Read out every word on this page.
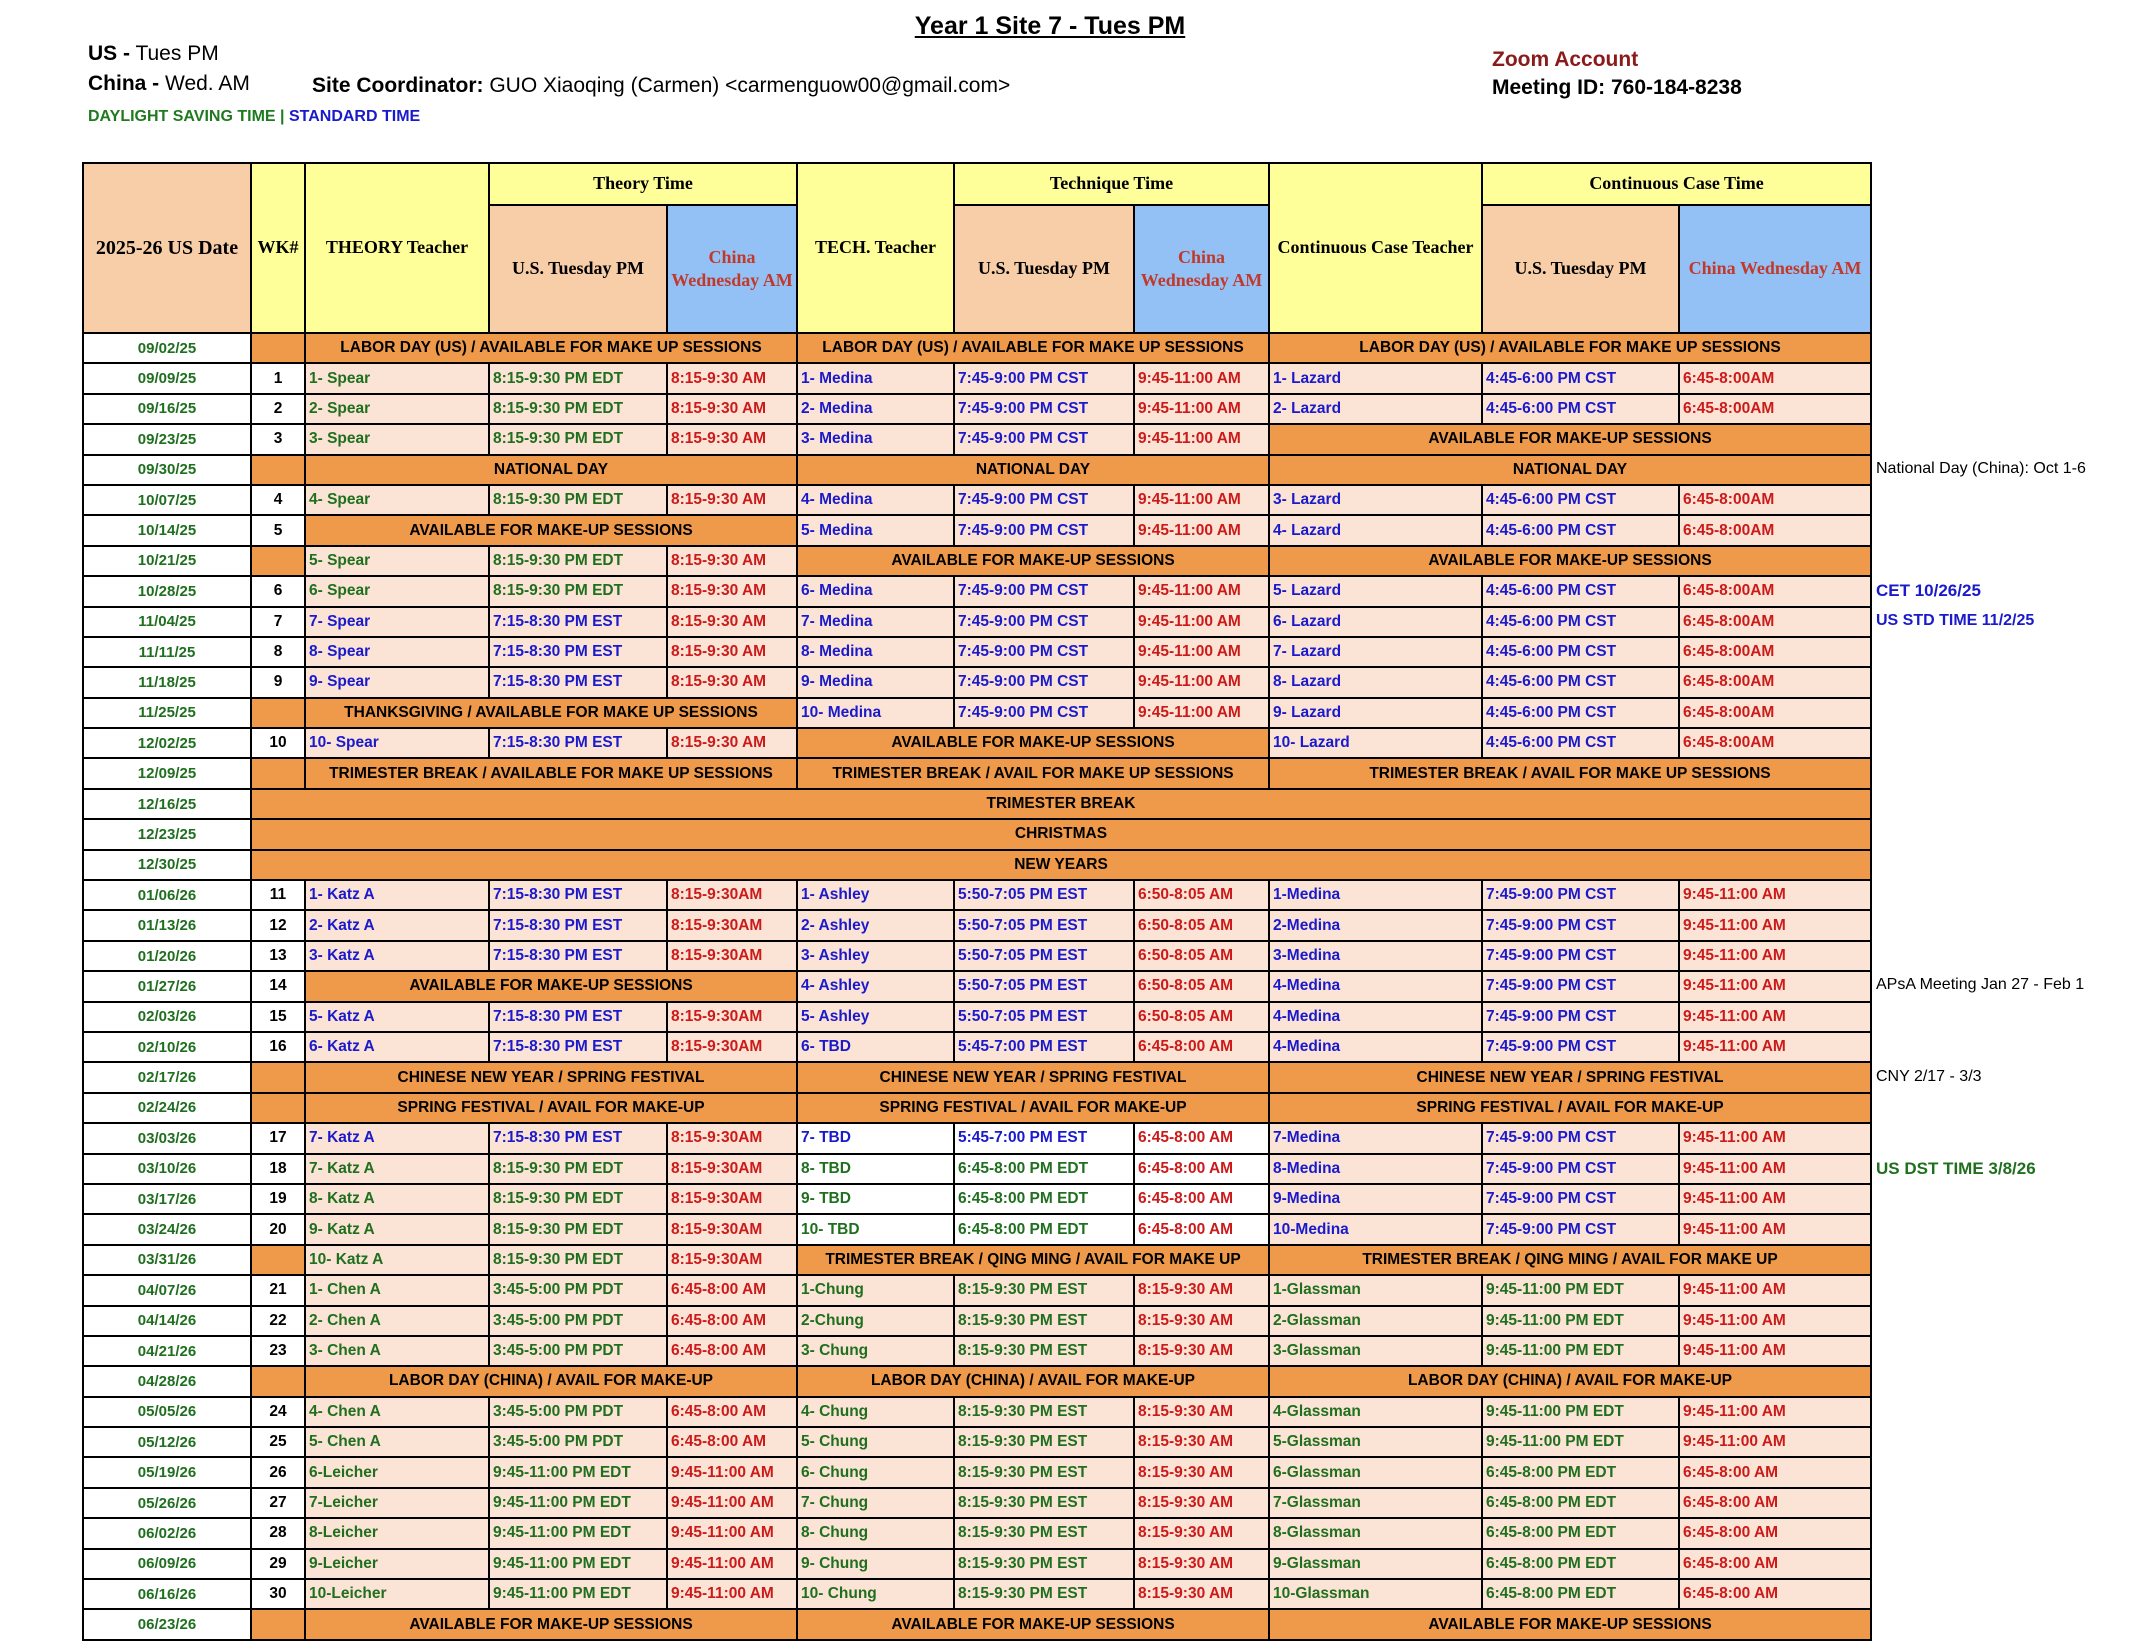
Year 1 Site 7 - Tues PM
US - Tues PM
China - Wed. AM	Site Coordinator: GUO Xiaoqing (Carmen) <carmenguow00@gmail.com>
DAYLIGHT SAVING TIME | STANDARD TIME
Zoom Account
Meeting ID: 760-184-8238
2025-26 US Date	WK#	THEORY Teacher	Theory Time		TECH. Teacher	Technique Time		Continuous Case Teacher	Continuous Case Time	
			U.S. Tuesday PM	China Wednesday AM		U.S. Tuesday PM	China Wednesday AM		U.S. Tuesday PM	China Wednesday AM
09/02/25		LABOR DAY (US) / AVAILABLE FOR MAKE UP SESSIONS			LABOR DAY (US) / AVAILABLE FOR MAKE UP SESSIONS			LABOR DAY (US) / AVAILABLE FOR MAKE UP SESSIONS		
09/09/25	1	1- Spear	8:15-9:30 PM EDT	8:15-9:30 AM	1- Medina	7:45-9:00 PM CST	9:45-11:00 AM	1- Lazard	4:45-6:00 PM CST	6:45-8:00AM
09/16/25	2	2- Spear	8:15-9:30 PM EDT	8:15-9:30 AM	2- Medina	7:45-9:00 PM CST	9:45-11:00 AM	2- Lazard	4:45-6:00 PM CST	6:45-8:00AM
09/23/25	3	3- Spear	8:15-9:30 PM EDT	8:15-9:30 AM	3- Medina	7:45-9:00 PM CST	9:45-11:00 AM	AVAILABLE FOR MAKE-UP SESSIONS		
09/30/25		NATIONAL DAY			NATIONAL DAY			NATIONAL DAY		
10/07/25	4	4- Spear	8:15-9:30 PM EDT	8:15-9:30 AM	4- Medina	7:45-9:00 PM CST	9:45-11:00 AM	3- Lazard	4:45-6:00 PM CST	6:45-8:00AM
10/14/25	5	AVAILABLE FOR MAKE-UP SESSIONS			5- Medina	7:45-9:00 PM CST	9:45-11:00 AM	4- Lazard	4:45-6:00 PM CST	6:45-8:00AM
10/21/25		5- Spear	8:15-9:30 PM EDT	8:15-9:30 AM	AVAILABLE FOR MAKE-UP SESSIONS			AVAILABLE FOR MAKE-UP SESSIONS		
10/28/25	6	6- Spear	8:15-9:30 PM EDT	8:15-9:30 AM	6- Medina	7:45-9:00 PM CST	9:45-11:00 AM	5- Lazard	4:45-6:00 PM CST	6:45-8:00AM
11/04/25	7	7- Spear	7:15-8:30 PM EST	8:15-9:30 AM	7- Medina	7:45-9:00 PM CST	9:45-11:00 AM	6- Lazard	4:45-6:00 PM CST	6:45-8:00AM
11/11/25	8	8- Spear	7:15-8:30 PM EST	8:15-9:30 AM	8- Medina	7:45-9:00 PM CST	9:45-11:00 AM	7- Lazard	4:45-6:00 PM CST	6:45-8:00AM
11/18/25	9	9- Spear	7:15-8:30 PM EST	8:15-9:30 AM	9- Medina	7:45-9:00 PM CST	9:45-11:00 AM	8- Lazard	4:45-6:00 PM CST	6:45-8:00AM
11/25/25		THANKSGIVING / AVAILABLE FOR MAKE UP SESSIONS			10- Medina	7:45-9:00 PM CST	9:45-11:00 AM	9- Lazard	4:45-6:00 PM CST	6:45-8:00AM
12/02/25	10	10- Spear	7:15-8:30 PM EST	8:15-9:30 AM	AVAILABLE FOR MAKE-UP SESSIONS			10- Lazard	4:45-6:00 PM CST	6:45-8:00AM
12/09/25		TRIMESTER BREAK / AVAILABLE FOR MAKE UP SESSIONS			TRIMESTER BREAK / AVAIL FOR MAKE UP SESSIONS			TRIMESTER BREAK / AVAIL FOR MAKE UP SESSIONS		
12/16/25	TRIMESTER BREAK									
12/23/25	CHRISTMAS									
12/30/25	NEW YEARS									
01/06/26	11	1- Katz A	7:15-8:30 PM EST	8:15-9:30AM	1- Ashley	5:50-7:05 PM EST	6:50-8:05 AM	1-Medina	7:45-9:00 PM CST	9:45-11:00 AM
01/13/26	12	2- Katz A	7:15-8:30 PM EST	8:15-9:30AM	2- Ashley	5:50-7:05 PM EST	6:50-8:05 AM	2-Medina	7:45-9:00 PM CST	9:45-11:00 AM
01/20/26	13	3- Katz A	7:15-8:30 PM EST	8:15-9:30AM	3- Ashley	5:50-7:05 PM EST	6:50-8:05 AM	3-Medina	7:45-9:00 PM CST	9:45-11:00 AM
01/27/26	14	AVAILABLE FOR MAKE-UP SESSIONS			4- Ashley	5:50-7:05 PM EST	6:50-8:05 AM	4-Medina	7:45-9:00 PM CST	9:45-11:00 AM
02/03/26	15	5- Katz A	7:15-8:30 PM EST	8:15-9:30AM	5- Ashley	5:50-7:05 PM EST	6:50-8:05 AM	4-Medina	7:45-9:00 PM CST	9:45-11:00 AM
02/10/26	16	6- Katz A	7:15-8:30 PM EST	8:15-9:30AM	6- TBD	5:45-7:00 PM EST	6:45-8:00 AM	4-Medina	7:45-9:00 PM CST	9:45-11:00 AM
02/17/26		CHINESE NEW YEAR / SPRING FESTIVAL			CHINESE NEW YEAR / SPRING FESTIVAL			CHINESE NEW YEAR / SPRING FESTIVAL		
02/24/26		SPRING FESTIVAL / AVAIL FOR MAKE-UP			SPRING FESTIVAL / AVAIL FOR MAKE-UP			SPRING FESTIVAL / AVAIL FOR MAKE-UP		
03/03/26	17	7- Katz A	7:15-8:30 PM EST	8:15-9:30AM	7- TBD	5:45-7:00 PM EST	6:45-8:00 AM	7-Medina	7:45-9:00 PM CST	9:45-11:00 AM
03/10/26	18	7- Katz A	8:15-9:30 PM EDT	8:15-9:30AM	8- TBD	6:45-8:00 PM EDT	6:45-8:00 AM	8-Medina	7:45-9:00 PM CST	9:45-11:00 AM
03/17/26	19	8- Katz A	8:15-9:30 PM EDT	8:15-9:30AM	9- TBD	6:45-8:00 PM EDT	6:45-8:00 AM	9-Medina	7:45-9:00 PM CST	9:45-11:00 AM
03/24/26	20	9- Katz A	8:15-9:30 PM EDT	8:15-9:30AM	10- TBD	6:45-8:00 PM EDT	6:45-8:00 AM	10-Medina	7:45-9:00 PM CST	9:45-11:00 AM
03/31/26		10- Katz A	8:15-9:30 PM EDT	8:15-9:30AM	TRIMESTER BREAK / QING MING / AVAIL FOR MAKE UP			TRIMESTER BREAK / QING MING / AVAIL FOR MAKE UP		
04/07/26	21	1- Chen A	3:45-5:00 PM PDT	6:45-8:00 AM	1-Chung	8:15-9:30 PM EST	8:15-9:30 AM	1-Glassman	9:45-11:00 PM EDT	9:45-11:00 AM
04/14/26	22	2- Chen A	3:45-5:00 PM PDT	6:45-8:00 AM	2-Chung	8:15-9:30 PM EST	8:15-9:30 AM	2-Glassman	9:45-11:00 PM EDT	9:45-11:00 AM
04/21/26	23	3- Chen A	3:45-5:00 PM PDT	6:45-8:00 AM	3- Chung	8:15-9:30 PM EST	8:15-9:30 AM	3-Glassman	9:45-11:00 PM EDT	9:45-11:00 AM
04/28/26		LABOR DAY (CHINA) / AVAIL FOR MAKE-UP			LABOR DAY (CHINA) / AVAIL FOR MAKE-UP			LABOR DAY (CHINA) / AVAIL FOR MAKE-UP		
05/05/26	24	4- Chen A	3:45-5:00 PM PDT	6:45-8:00 AM	4- Chung	8:15-9:30 PM EST	8:15-9:30 AM	4-Glassman	9:45-11:00 PM EDT	9:45-11:00 AM
05/12/26	25	5- Chen A	3:45-5:00 PM PDT	6:45-8:00 AM	5- Chung	8:15-9:30 PM EST	8:15-9:30 AM	5-Glassman	9:45-11:00 PM EDT	9:45-11:00 AM
05/19/26	26	6-Leicher	9:45-11:00 PM EDT	9:45-11:00 AM	6- Chung	8:15-9:30 PM EST	8:15-9:30 AM	6-Glassman	6:45-8:00 PM EDT	6:45-8:00 AM
05/26/26	27	7-Leicher	9:45-11:00 PM EDT	9:45-11:00 AM	7- Chung	8:15-9:30 PM EST	8:15-9:30 AM	7-Glassman	6:45-8:00 PM EDT	6:45-8:00 AM
06/02/26	28	8-Leicher	9:45-11:00 PM EDT	9:45-11:00 AM	8- Chung	8:15-9:30 PM EST	8:15-9:30 AM	8-Glassman	6:45-8:00 PM EDT	6:45-8:00 AM
06/09/26	29	9-Leicher	9:45-11:00 PM EDT	9:45-11:00 AM	9- Chung	8:15-9:30 PM EST	8:15-9:30 AM	9-Glassman	6:45-8:00 PM EDT	6:45-8:00 AM
06/16/26	30	10-Leicher	9:45-11:00 PM EDT	9:45-11:00 AM	10- Chung	8:15-9:30 PM EST	8:15-9:30 AM	10-Glassman	6:45-8:00 PM EDT	6:45-8:00 AM
06/23/26		AVAILABLE FOR MAKE-UP SESSIONS			AVAILABLE FOR MAKE-UP SESSIONS			AVAILABLE FOR MAKE-UP SESSIONS		
National Day (China): Oct 1-6
CET 10/26/25
US STD TIME 11/2/25
APsA Meeting Jan 27 - Feb 1
CNY 2/17 - 3/3
US DST TIME 3/8/26
